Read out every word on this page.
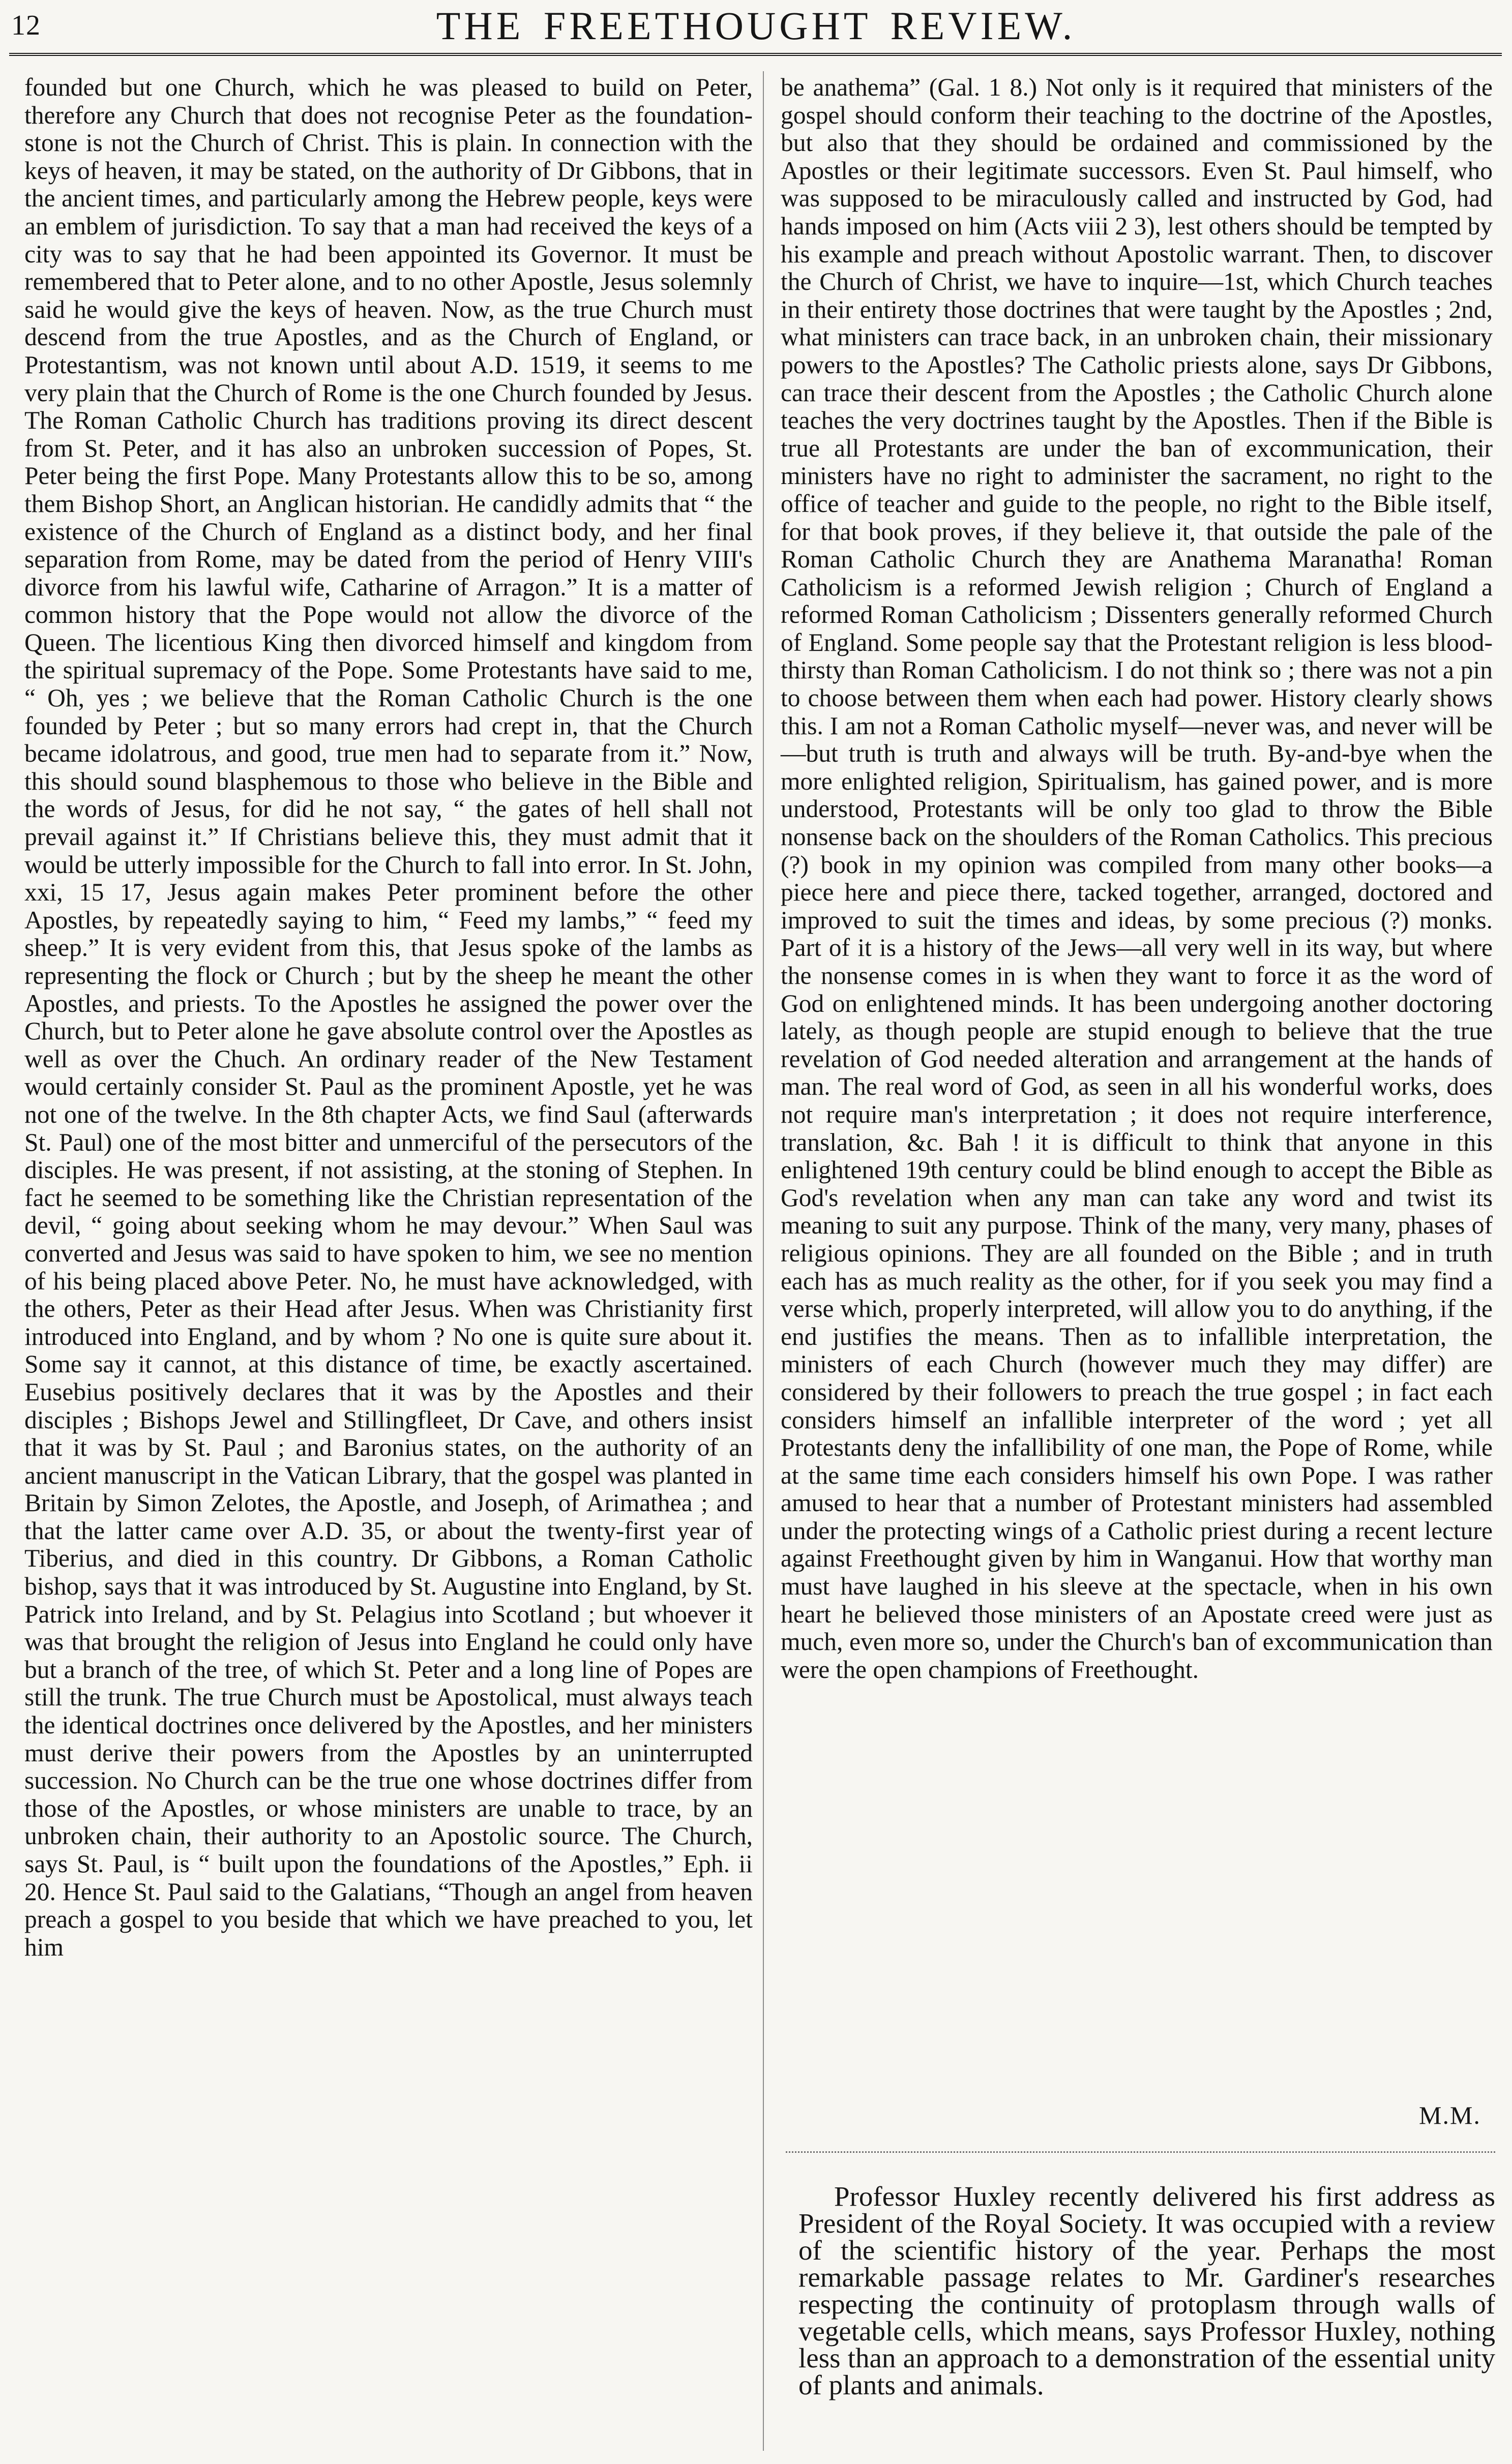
12	THE FREETHOUGHT REVIEW.

founded but one Church, which he was pleased to build on Peter, therefore any Church that does not recognise Peter as the foundation-stone is not the Church of Christ. This is plain. In connection with the keys of heaven, it may be stated, on the authority of Dr Gibbons, that in the ancient times, and particularly among the Hebrew people, keys were an emblem of jurisdiction. To say that a man had received the keys of a city was to say that he had been appointed its Governor. It must be remembered that to Peter alone, and to no other Apostle, Jesus solemnly said he would give the keys of heaven. Now, as the true Church must descend from the true Apostles, and as the Church of England, or Protestantism, was not known until about A.D. 1519, it seems to me very plain that the Church of Rome is the one Church founded by Jesus. The Roman Catholic Church has traditions proving its direct descent from St. Peter, and it has also an unbroken succession of Popes, St. Peter being the first Pope. Many Protestants allow this to be so, among them Bishop Short, an Anglican historian. He candidly admits that “ the existence of the Church of England as a distinct body, and her final separation from Rome, may be dated from the period of Henry VIII's divorce from his lawful wife, Catharine of Arragon.” It is a matter of common history that the Pope would not allow the divorce of the Queen. The licentious King then divorced himself and kingdom from the spiritual supremacy of the Pope. Some Protestants have said to me, “ Oh, yes ; we believe that the Roman Catholic Church is the one founded by Peter ; but so many errors had crept in, that the Church became idolatrous, and good, true men had to separate from it.” Now, this should sound blasphemous to those who believe in the Bible and the words of Jesus, for did he not say, “ the gates of hell shall not prevail against it.” If Christians believe this, they must admit that it would be utterly impossible for the Church to fall into error. In St. John, xxi, 15 17, Jesus again makes Peter prominent before the other Apostles, by repeatedly saying to him, “ Feed my lambs,” “ feed my sheep.” It is very evident from this, that Jesus spoke of the lambs as representing the flock or Church ; but by the sheep he meant the other Apostles, and priests. To the Apostles he assigned the power over the Church, but to Peter alone he gave absolute control over the Apostles as well as over the Chuch. An ordinary reader of the New Testament would certainly consider St. Paul as the prominent Apostle, yet he was not one of the twelve. In the 8th chapter Acts, we find Saul (afterwards St. Paul) one of the most bitter and unmerciful of the persecutors of the disciples. He was present, if not assisting, at the stoning of Stephen. In fact he seemed to be something like the Christian representation of the devil, “ going about seeking whom he may devour.” When Saul was converted and Jesus was said to have spoken to him, we see no mention of his being placed above Peter. No, he must have acknowledged, with the others, Peter as their Head after Jesus. When was Christianity first introduced into England, and by whom ? No one is quite sure about it. Some say it cannot, at this distance of time, be exactly ascertained. Eusebius positively declares that it was by the Apostles and their disciples ; Bishops Jewel and Stillingfleet, Dr Cave, and others insist that it was by St. Paul ; and Baronius states, on the authority of an ancient manuscript in the Vatican Library, that the gospel was planted in Britain by Simon Zelotes, the Apostle, and Joseph, of Arimathea ; and that the latter came over A.D. 35, or about the twenty-first year of Tiberius, and died in this country. Dr Gibbons, a Roman Catholic bishop, says that it was introduced by St. Augustine into England, by St. Patrick into Ireland, and by St. Pelagius into Scotland ; but whoever it was that brought the religion of Jesus into England he could only have but a branch of the tree, of which St. Peter and a long line of Popes are still the trunk. The true Church must be Apostolical, must always teach the identical doctrines once delivered by the Apostles, and her ministers must derive their powers from the Apostles by an uninterrupted succession. No Church can be the true one whose doctrines differ from those of the Apostles, or whose ministers are unable to trace, by an unbroken chain, their authority to an Apostolic source. The Church, says St. Paul, is “ built upon the foundations of the Apostles,” Eph. ii 20. Hence St. Paul said to the Galatians, “Though an angel from heaven preach a gospel to you beside that which we have preached to you, let him

be anathema” (Gal. 1 8.) Not only is it required that ministers of the gospel should conform their teaching to the doctrine of the Apostles, but also that they should be ordained and commissioned by the Apostles or their legitimate successors. Even St. Paul himself, who was supposed to be miraculously called and instructed by God, had hands imposed on him (Acts viii 2 3), lest others should be tempted by his example and preach without Apostolic warrant. Then, to discover the Church of Christ, we have to inquire—1st, which Church teaches in their entirety those doctrines that were taught by the Apostles ; 2nd, what ministers can trace back, in an unbroken chain, their missionary powers to the Apostles? The Catholic priests alone, says Dr Gibbons, can trace their descent from the Apostles ; the Catholic Church alone teaches the very doctrines taught by the Apostles. Then if the Bible is true all Protestants are under the ban of excommunication, their ministers have no right to administer the sacrament, no right to the office of teacher and guide to the people, no right to the Bible itself, for that book proves, if they believe it, that outside the pale of the Roman Catholic Church they are Anathema Maranatha! Roman Catholicism is a reformed Jewish religion ; Church of England a reformed Roman Catholicism ; Dissenters generally reformed Church of England. Some people say that the Protestant religion is less blood-thirsty than Roman Catholicism. I do not think so ; there was not a pin to choose between them when each had power. History clearly shows this. I am not a Roman Catholic myself—never was, and never will be—but truth is truth and always will be truth. By-and-bye when the more enlighted religion, Spiritualism, has gained power, and is more understood, Protestants will be only too glad to throw the Bible nonsense back on the shoulders of the Roman Catholics. This precious (?) book in my opinion was compiled from many other books—a piece here and piece there, tacked together, arranged, doctored and improved to suit the times and ideas, by some precious (?) monks. Part of it is a history of the Jews—all very well in its way, but where the nonsense comes in is when they want to force it as the word of God on enlightened minds. It has been undergoing another doctoring lately, as though people are stupid enough to believe that the true revelation of God needed alteration and arrangement at the hands of man. The real word of God, as seen in all his wonderful works, does not require man's interpretation ; it does not require interference, translation, &c. Bah ! it is difficult to think that anyone in this enlightened 19th century could be blind enough to accept the Bible as God's revelation when any man can take any word and twist its meaning to suit any purpose. Think of the many, very many, phases of religious opinions. They are all founded on the Bible ; and in truth each has as much reality as the other, for if you seek you may find a verse which, properly interpreted, will allow you to do anything, if the end justifies the means. Then as to infallible interpretation, the ministers of each Church (however much they may differ) are considered by their followers to preach the true gospel ; in fact each considers himself an infallible interpreter of the word ; yet all Protestants deny the infallibility of one man, the Pope of Rome, while at the same time each considers himself his own Pope. I was rather amused to hear that a number of Protestant ministers had assembled under the protecting wings of a Catholic priest during a recent lecture against Freethought given by him in Wanganui. How that worthy man must have laughed in his sleeve at the spectacle, when in his own heart he believed those ministers of an Apostate creed were just as much, even more so, under the Church's ban of excommunication than were the open champions of Freethought.

M.M.

Professor Huxley recently delivered his first address as President of the Royal Society. It was occupied with a review of the scientific history of the year. Perhaps the most remarkable passage relates to Mr. Gardiner's researches respecting the continuity of protoplasm through walls of vegetable cells, which means, says Professor Huxley, nothing less than an approach to a demonstration of the essential unity of plants and animals.
